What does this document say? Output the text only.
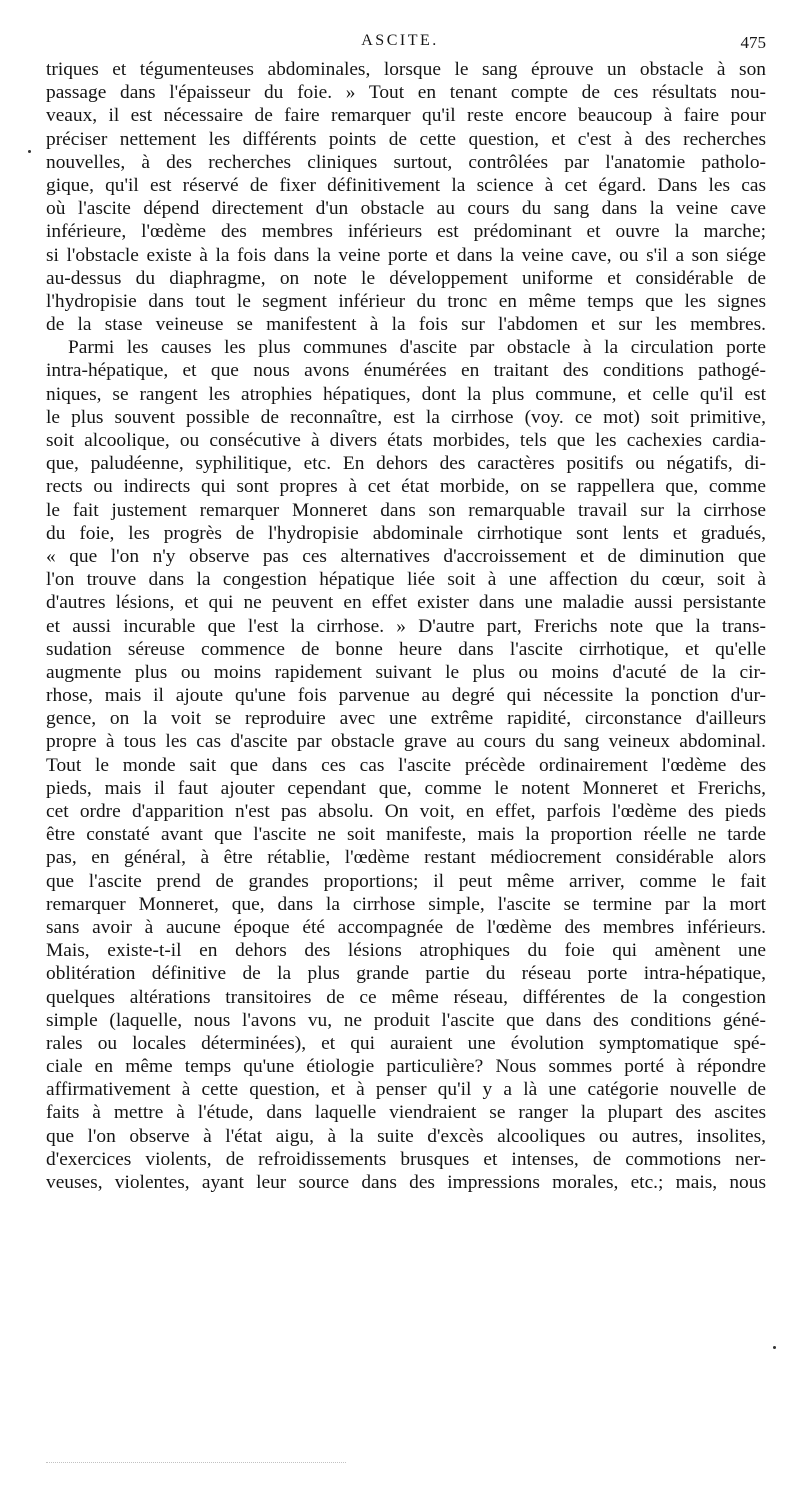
ASCITE.	475
triques et tégumenteuses abdominales, lorsque le sang éprouve un obstacle à son
passage dans l'épaisseur du foie. » Tout en tenant compte de ces résultats nou-
veaux, il est nécessaire de faire remarquer qu'il reste encore beaucoup à faire pour
préciser nettement les différents points de cette question, et c'est à des recherches
nouvelles, à des recherches cliniques surtout, contrôlées par l'anatomie patholo-
gique, qu'il est réservé de fixer définitivement la science à cet égard. Dans les cas
où l'ascite dépend directement d'un obstacle au cours du sang dans la veine cave
inférieure, l'œdème des membres inférieurs est prédominant et ouvre la marche;
si l'obstacle existe à la fois dans la veine porte et dans la veine cave, ou s'il a son siége
au-dessus du diaphragme, on note le développement uniforme et considérable de
l'hydropisie dans tout le segment inférieur du tronc en même temps que les signes
de la stase veineuse se manifestent à la fois sur l'abdomen et sur les membres.
Parmi les causes les plus communes d'ascite par obstacle à la circulation porte
intra-hépatique, et que nous avons énumérées en traitant des conditions pathogé-
niques, se rangent les atrophies hépatiques, dont la plus commune, et celle qu'il est
le plus souvent possible de reconnaître, est la cirrhose (voy. ce mot) soit primitive,
soit alcoolique, ou consécutive à divers états morbides, tels que les cachexies cardia-
que, paludéenne, syphilitique, etc. En dehors des caractères positifs ou négatifs, di-
rects ou indirects qui sont propres à cet état morbide, on se rappellera que, comme
le fait justement remarquer Monneret dans son remarquable travail sur la cirrhose
du foie, les progrès de l'hydropisie abdominale cirrhotique sont lents et gradués,
« que l'on n'y observe pas ces alternatives d'accroissement et de diminution que
l'on trouve dans la congestion hépatique liée soit à une affection du cœur, soit à
d'autres lésions, et qui ne peuvent en effet exister dans une maladie aussi persistante
et aussi incurable que l'est la cirrhose. » D'autre part, Frerichs note que la trans-
sudation séreuse commence de bonne heure dans l'ascite cirrhotique, et qu'elle
augmente plus ou moins rapidement suivant le plus ou moins d'acuté de la cir-
rhose, mais il ajoute qu'une fois parvenue au degré qui nécessite la ponction d'ur-
gence, on la voit se reproduire avec une extrême rapidité, circonstance d'ailleurs
propre à tous les cas d'ascite par obstacle grave au cours du sang veineux abdominal.
Tout le monde sait que dans ces cas l'ascite précède ordinairement l'œdème des
pieds, mais il faut ajouter cependant que, comme le notent Monneret et Frerichs,
cet ordre d'apparition n'est pas absolu. On voit, en effet, parfois l'œdème des pieds
être constaté avant que l'ascite ne soit manifeste, mais la proportion réelle ne tarde
pas, en général, à être rétablie, l'œdème restant médiocrement considérable alors
que l'ascite prend de grandes proportions; il peut même arriver, comme le fait
remarquer Monneret, que, dans la cirrhose simple, l'ascite se termine par la mort
sans avoir à aucune époque été accompagnée de l'œdème des membres inférieurs.
Mais, existe-t-il en dehors des lésions atrophiques du foie qui amènent une
oblitération définitive de la plus grande partie du réseau porte intra-hépatique,
quelques altérations transitoires de ce même réseau, différentes de la congestion
simple (laquelle, nous l'avons vu, ne produit l'ascite que dans des conditions géné-
rales ou locales déterminées), et qui auraient une évolution symptomatique spé-
ciale en même temps qu'une étiologie particulière? Nous sommes porté à répondre
affirmativement à cette question, et à penser qu'il y a là une catégorie nouvelle de
faits à mettre à l'étude, dans laquelle viendraient se ranger la plupart des ascites
que l'on observe à l'état aigu, à la suite d'excès alcooliques ou autres, insolites,
d'exercices violents, de refroidissements brusques et intenses, de commotions ner-
veuses, violentes, ayant leur source dans des impressions morales, etc.; mais, nous
